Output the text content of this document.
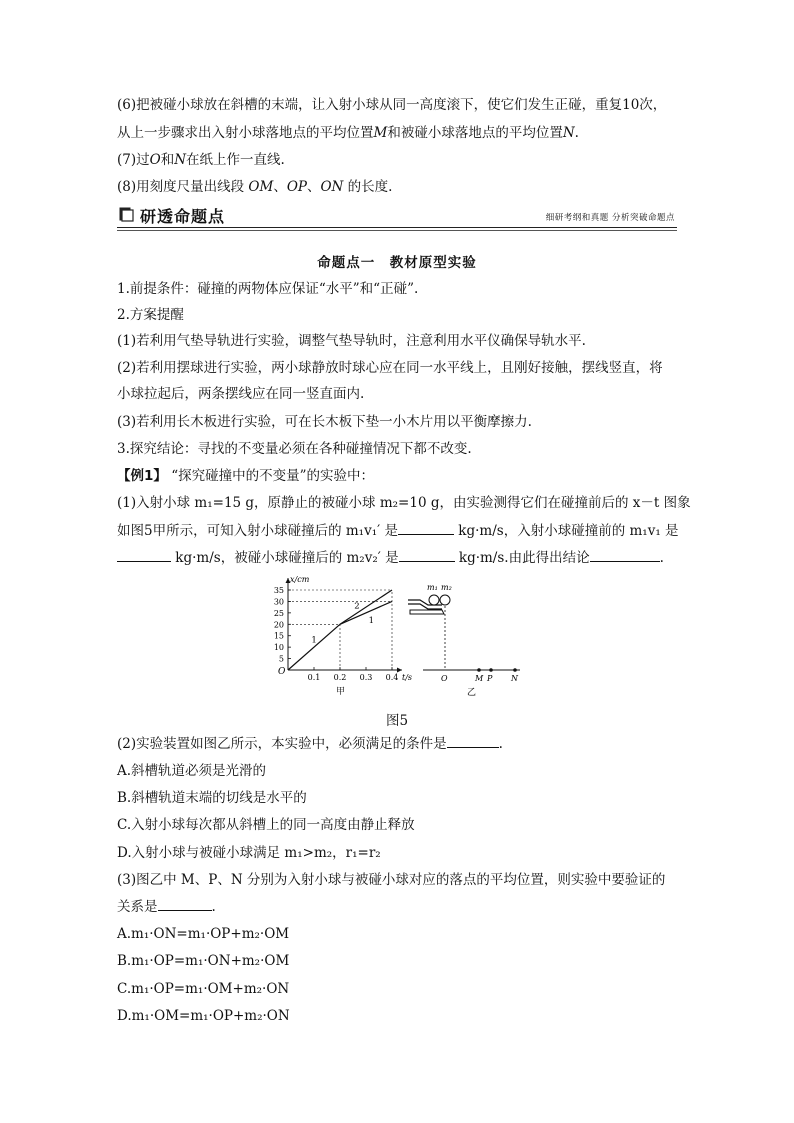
(6)把被碰小球放在斜槽的末端，让入射小球从同一高度滚下，使它们发生正碰，重复10次，
从上一步骤求出入射小球落地点的平均位置M和被碰小球落地点的平均位置N.
(7)过O和N在纸上作一直线.
(8)用刻度尺量出线段 OM、OP、ON 的长度.
研透命题点	细研考纲和真题 分析突破命题点
命题点一　教材原型实验
1.前提条件：碰撞的两物体应保证“水平”和“正碰”.
2.方案提醒
(1)若利用气垫导轨进行实验，调整气垫导轨时，注意利用水平仪确保导轨水平.
(2)若利用摆球进行实验，两小球静放时球心应在同一水平线上，且刚好接触，摆线竖直，将
小球拉起后，两条摆线应在同一竖直面内.
(3)若利用长木板进行实验，可在长木板下垫一小木片用以平衡摩擦力.
3.探究结论：寻找的不变量必须在各种碰撞情况下都不改变.
【例1】 “探究碰撞中的不变量”的实验中：
(1)入射小球 m₁=15 g，原静止的被碰小球 m₂=10 g，由实验测得它们在碰撞前后的 x－t 图象
如图5甲所示，可知入射小球碰撞后的 m₁v₁′ 是	kg·m/s，入射小球碰撞前的 m₁v₁ 是
kg·m/s，被碰小球碰撞后的 m₂v₂′ 是	kg·m/s.由此得出结论	.
5
10
15
20
25
30
35
0.1 0.2 0.3 0.4
x/cm
t/s
O
1
2
1
甲
m₁ m₂
O	M P N
乙
图5
(2)实验装置如图乙所示，本实验中，必须满足的条件是	.
A.斜槽轨道必须是光滑的
B.斜槽轨道末端的切线是水平的
C.入射小球每次都从斜槽上的同一高度由静止释放
D.入射小球与被碰小球满足 m₁>m₂，r₁=r₂
(3)图乙中 M、P、N 分别为入射小球与被碰小球对应的落点的平均位置，则实验中要验证的
关系是	.
A.m₁·ON=m₁·OP+m₂·OM
B.m₁·OP=m₁·ON+m₂·OM
C.m₁·OP=m₁·OM+m₂·ON
D.m₁·OM=m₁·OP+m₂·ON
